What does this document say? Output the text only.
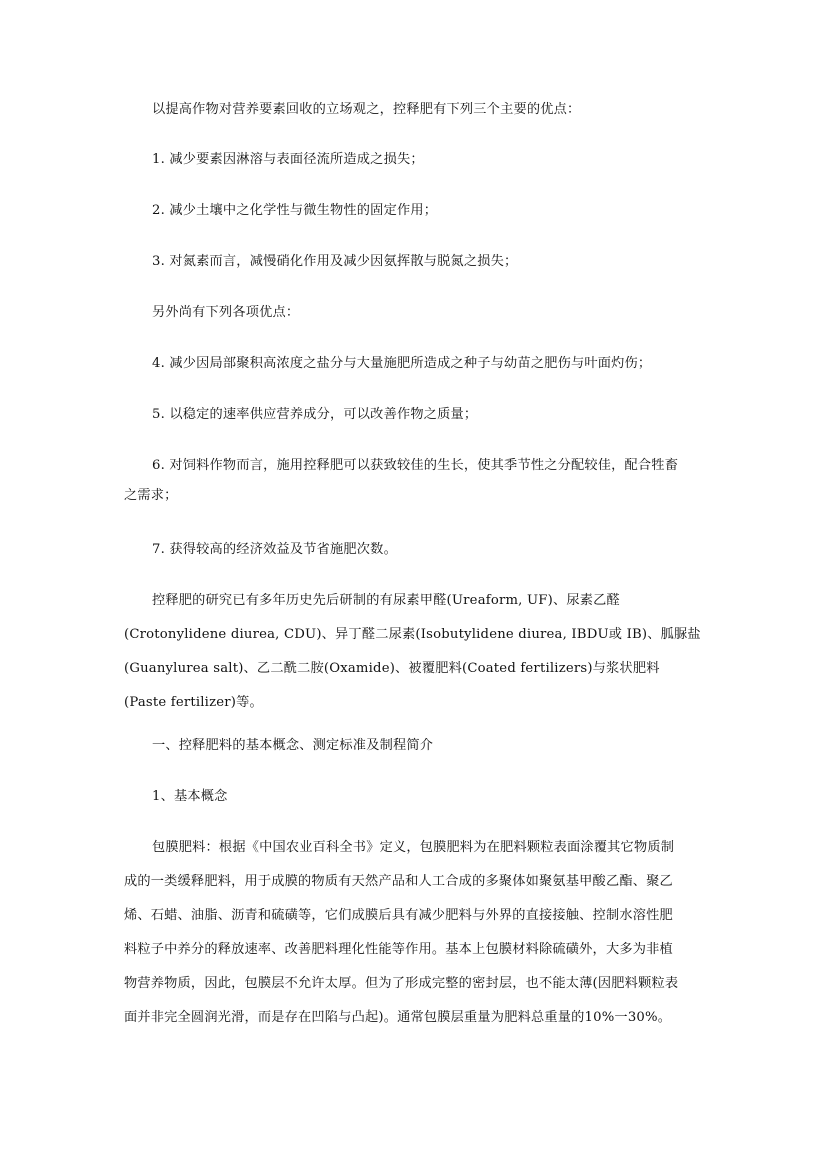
以提高作物对营养要素回收的立场观之，控释肥有下列三个主要的优点：
1. 减少要素因淋溶与表面径流所造成之损失；
2. 减少土壤中之化学性与微生物性的固定作用；
3. 对氮素而言，减慢硝化作用及减少因氨挥散与脱氮之损失；
另外尚有下列各项优点：
4. 减少因局部聚积高浓度之盐分与大量施肥所造成之种子与幼苗之肥伤与叶面灼伤；
5. 以稳定的速率供应营养成分，可以改善作物之质量；
6. 对饲料作物而言，施用控释肥可以获致较佳的生长，使其季节性之分配较佳，配合牲畜
之需求；
7. 获得较高的经济效益及节省施肥次数。
控释肥的研究已有多年历史先后研制的有尿素甲醛(Ureaform, UF)、尿素乙醛
(Crotonylidene diurea, CDU)、异丁醛二尿素(Isobutylidene diurea, IBDU或 IB)、胍脲盐
(Guanylurea salt)、乙二酰二胺(Oxamide)、被覆肥料(Coated fertilizers)与浆状肥料
(Paste fertilizer)等。
一、控释肥料的基本概念、测定标准及制程简介
1、基本概念
包膜肥料：根据《中国农业百科全书》定义，包膜肥料为在肥料颗粒表面涂覆其它物质制
成的一类缓释肥料，用于成膜的物质有天然产品和人工合成的多聚体如聚氨基甲酸乙酯、聚乙
烯、石蜡、油脂、沥青和硫磺等，它们成膜后具有减少肥料与外界的直接接触、控制水溶性肥
料粒子中养分的释放速率、改善肥料理化性能等作用。基本上包膜材料除硫磺外，大多为非植
物营养物质，因此，包膜层不允许太厚。但为了形成完整的密封层，也不能太薄(因肥料颗粒表
面并非完全圆润光滑，而是存在凹陷与凸起)。通常包膜层重量为肥料总重量的10%一30%。
